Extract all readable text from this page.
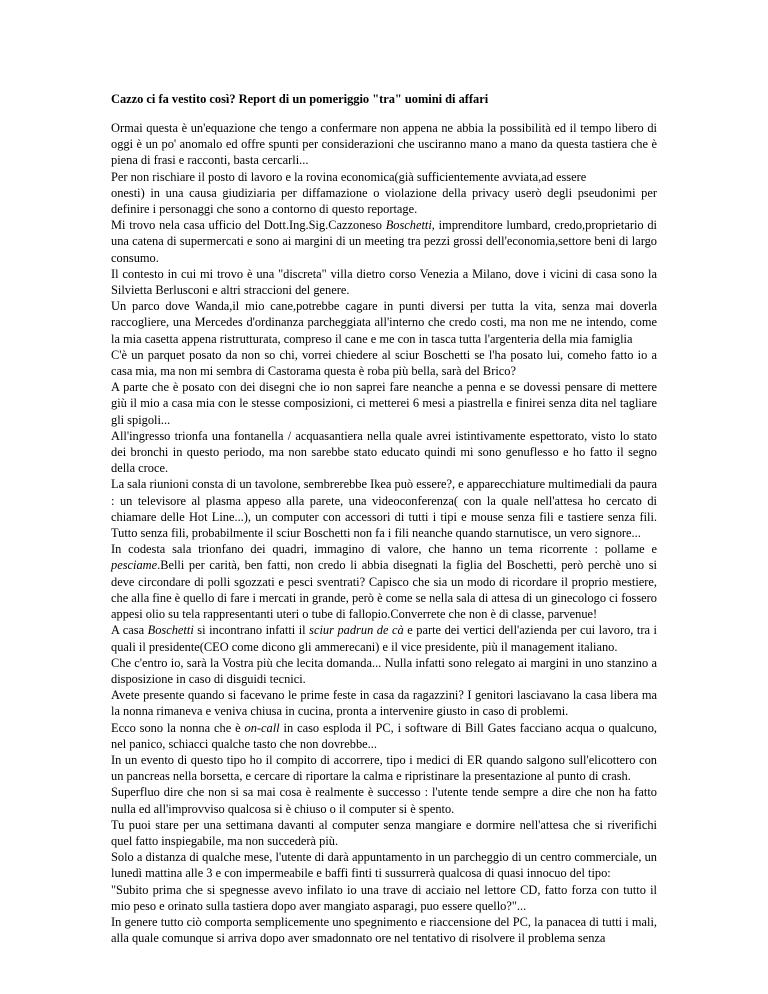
Cazzo ci fa vestito così? Report di un pomeriggio "tra" uomini di affari

Ormai questa è un'equazione che tengo a confermare non appena ne abbia la possibilità ed il tempo libero di oggi è un po' anomalo ed offre spunti per considerazioni che usciranno mano a mano da questa tastiera che è piena di frasi e racconti, basta cercarli...

Per non rischiare il posto di lavoro e la rovina economica(già sufficientemente avviata,ad essere

onesti) in una causa giudiziaria per diffamazione o violazione della privacy userò degli pseudonimi per definire i personaggi che sono a contorno di questo reportage.

Mi trovo nela casa ufficio del Dott.Ing.Sig.Cazzoneso Boschetti, imprenditore lumbard, credo,proprietario di una catena di supermercati e sono ai margini di un meeting tra pezzi grossi dell'economia,settore beni di largo consumo.

Il contesto in cui mi trovo è una "discreta" villa dietro corso Venezia a Milano, dove i vicini di casa sono la Silvietta Berlusconi e altri straccioni del genere.

Un parco dove Wanda,il mio cane,potrebbe cagare in punti diversi per tutta la vita, senza mai doverla raccogliere, una Mercedes d'ordinanza parcheggiata all'interno che credo costi, ma non me ne intendo, come la mia casetta appena ristrutturata, compreso il cane e me con in tasca tutta l'argenteria della mia famiglia

C'è un parquet posato da non so chi, vorrei chiedere al sciur Boschetti se l'ha posato lui, comeho fatto io a casa mia, ma non mi sembra di Castorama questa è roba più bella, sarà del Brico?

A parte che è posato con dei disegni che io non saprei fare neanche a penna e se dovessi pensare di mettere giù il mio a casa mia con le stesse composizioni, ci metterei 6 mesi a piastrella e finirei senza dita nel tagliare gli spigoli...

All'ingresso trionfa una fontanella / acquasantiera nella quale avrei istintivamente espettorato, visto lo stato dei bronchi in questo periodo, ma non sarebbe stato educato quindi mi sono genuflesso e ho fatto il segno della croce.

La sala riunioni consta di un tavolone, sembrerebbe Ikea può essere?, e apparecchiature multimediali da paura : un televisore al plasma appeso alla parete, una videoconferenza( con la quale nell'attesa ho cercato di chiamare delle Hot Line...), un computer con accessori di tutti i tipi e mouse senza fili e tastiere senza fili. Tutto senza fili, probabilmente il sciur Boschetti non fa i fili neanche quando starnutisce, un vero signore...

In codesta sala trionfano dei quadri, immagino di valore, che hanno un tema ricorrente : pollame e pesciame.Belli per carità, ben fatti, non credo li abbia disegnati la figlia del Boschetti, però perchè uno si deve circondare di polli sgozzati e pesci sventrati? Capisco che sia un modo di ricordare il proprio mestiere, che alla fine è quello di fare i mercati in grande, però è come se nella sala di attesa di un ginecologo ci fossero appesi olio su tela rappresentanti uteri o tube di fallopio.Converrete che non è di classe, parvenue!

A casa Boschetti si incontrano infatti il sciur padrun de cà e parte dei vertici dell'azienda per cui lavoro, tra i quali il presidente(CEO come dicono gli ammerecani) e il vice presidente, più il management italiano.

Che c'entro io, sarà la Vostra più che lecita domanda... Nulla infatti sono relegato ai margini in uno stanzino a disposizione in caso di disguidi tecnici.

Avete presente quando si facevano le prime feste in casa da ragazzini? I genitori lasciavano la casa libera ma la nonna rimaneva e veniva chiusa in cucina, pronta a intervenire giusto in caso di problemi.

Ecco sono la nonna che è on-call in caso esploda il PC, i software di Bill Gates facciano acqua o qualcuno, nel panico, schiacci qualche tasto che non dovrebbe...

In un evento di questo tipo ho il compito di accorrere, tipo i medici di ER quando salgono sull'elicottero con un pancreas nella borsetta, e cercare di riportare la calma e ripristinare la presentazione al punto di crash.

Superfluo dire che non si sa mai cosa è realmente è successo : l'utente tende sempre a dire che non ha fatto nulla ed all'improvviso qualcosa si è chiuso o il computer si è spento.

Tu puoi stare per una settimana davanti al computer senza mangiare e dormire nell'attesa che si riverifichi quel fatto inspiegabile, ma non succederà più.

Solo a distanza di qualche mese, l'utente di darà appuntamento in un parcheggio di un centro commerciale, un lunedì mattina alle 3 e con impermeabile e baffi finti ti sussurrerà qualcosa di quasi innocuo del tipo:

"Subito prima che si spegnesse avevo infilato io una trave di acciaio nel lettore CD, fatto forza con tutto il mio peso e orinato sulla tastiera dopo aver mangiato asparagi, puo essere quello?"...

In genere tutto ciò comporta semplicemente uno spegnimento e riaccensione del PC, la panacea di tutti i mali, alla quale comunque si arriva dopo aver smadonnato ore nel tentativo di risolvere il problema senza
